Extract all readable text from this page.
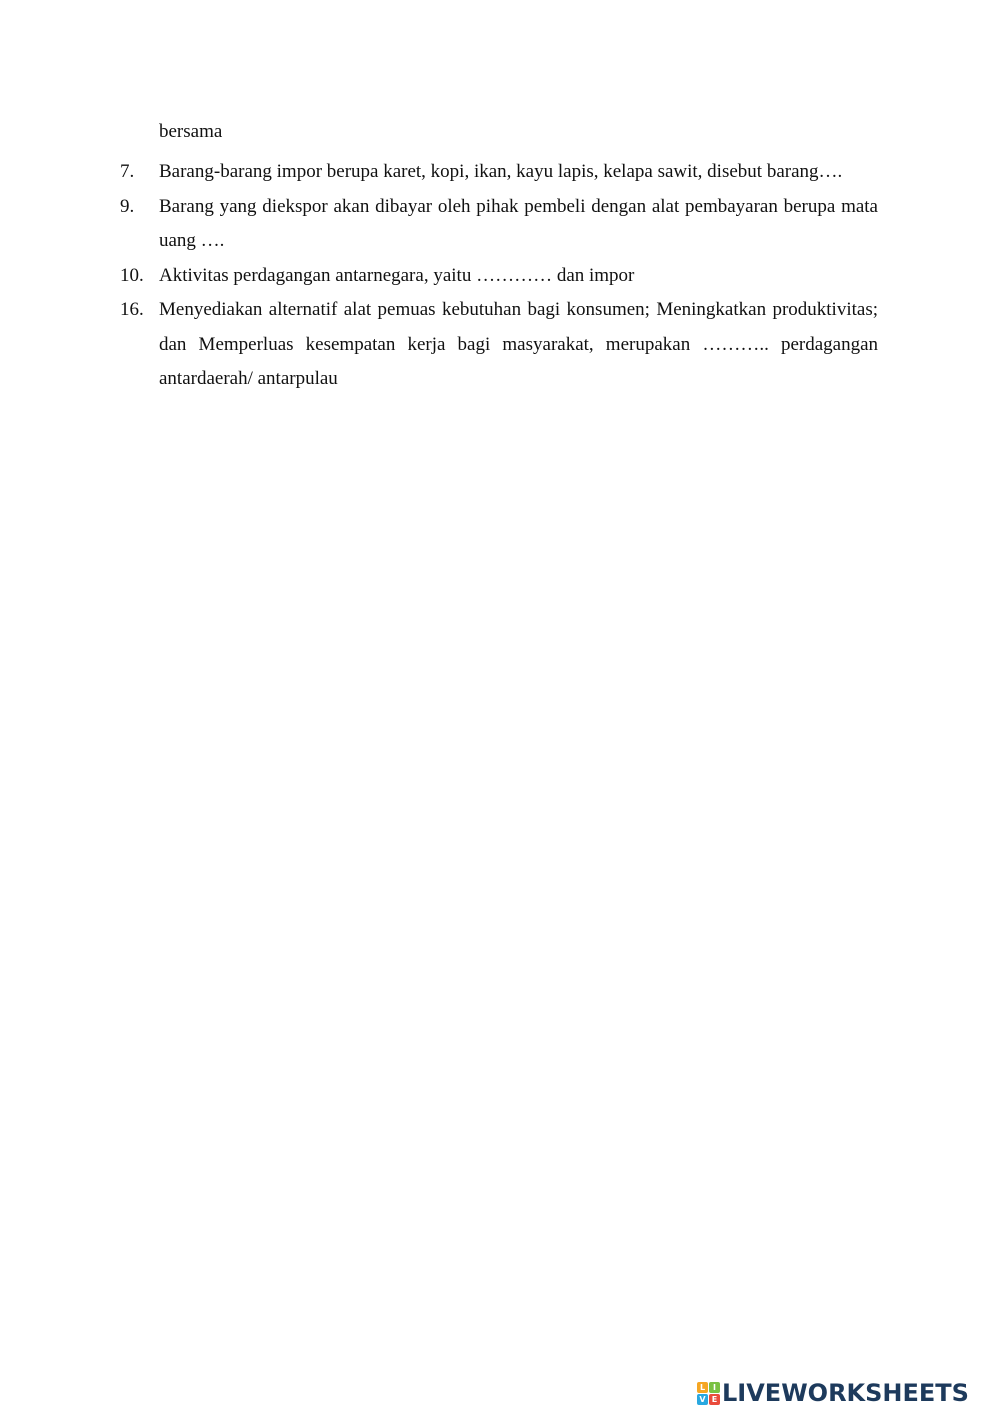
bersama
7. Barang-barang impor berupa karet, kopi, ikan, kayu lapis, kelapa sawit, disebut barang….
9. Barang yang diekspor akan dibayar oleh pihak pembeli dengan alat pembayaran berupa mata uang ….
10. Aktivitas perdagangan antarnegara, yaitu ………… dan impor
16. Menyediakan alternatif alat pemuas kebutuhan bagi konsumen; Meningkatkan produktivitas; dan Memperluas kesempatan kerja bagi masyarakat, merupakan ……….. perdagangan antardaerah/ antarpulau
L I
V E LIVEWORKSHEETS
